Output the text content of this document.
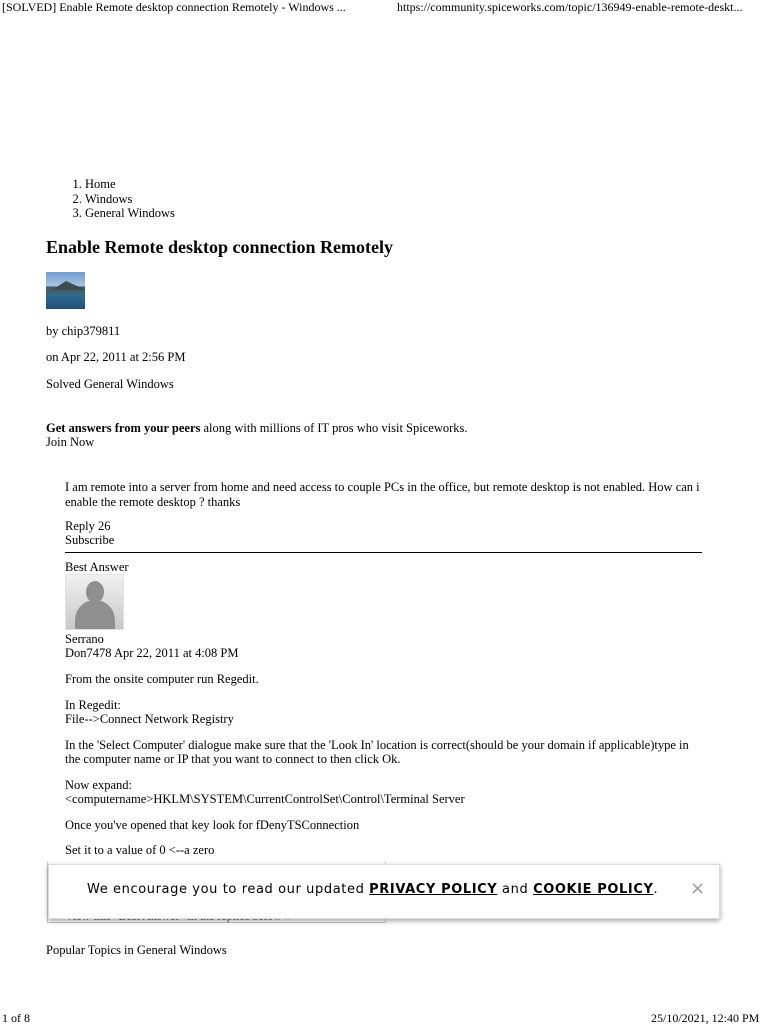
[SOLVED] Enable Remote desktop connection Remotely - Windows ...	https://community.spiceworks.com/topic/136949-enable-remote-deskt...
1. Home
2. Windows
3. General Windows
Enable Remote desktop connection Remotely

by chip379811

on Apr 22, 2011 at 2:56 PM

Solved General Windows

Get answers from your peers along with millions of IT pros who visit Spiceworks.

Join Now

I am remote into a server from home and need access to couple PCs in the office, but remote desktop is not enabled. How can i enable the remote desktop ? thanks

Reply 26

Subscribe

Best Answer

Serrano

Don7478 Apr 22, 2011 at 4:08 PM

From the onsite computer run Regedit.

In Regedit:
File-->Connect Network Registry

In the 'Select Computer' dialogue make sure that the 'Look In' location is correct(should be your domain if applicable)type in the computer name or IP that you want to connect to then click Ok.

Now expand:
<computername>HKLM\SYSTEM\CurrentControlSet\Control\Terminal Server

Once you've opened that key look for fDenyTSConnection

Set it to a value of 0 <--a zero

We encourage you to read our updated PRIVACY POLICY and COOKIE POLICY. ×

Popular Topics in General Windows

1 of 8	25/10/2021, 12:40 PM
